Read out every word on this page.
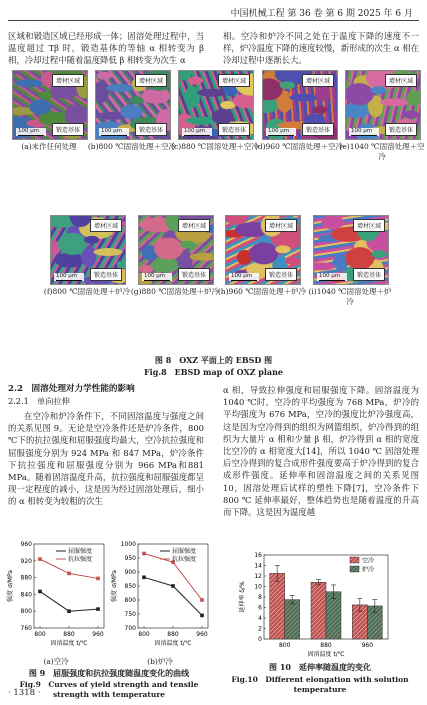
中国机械工程 第 36 卷 第 6 期 2025 年 6 月

区域和锻造区域已经形成一体；固溶处理过程中，当温度超过 Tβ 时，锻造基体的等轴 α 相转变为 β 相，冷却过程中随着温度降低 β 相转变为次生 α

相。空冷和炉冷不同之处在于温度下降的速度不一样，炉冷温度下降的速度较慢，新形成的次生 α 相在冷却过程中逐渐长大。

增材区域
锻造基体
100 μm
(a)未作任何处理
增材区域
锻造基体
100 μm
(b)800 ℃固溶处理＋空冷
增材区域
锻造基体
100 μm
(c)880 ℃固溶处理＋空冷
增材区域
锻造基体
100 μm
(d)960 ℃固溶处理＋空冷
增材区域
锻造基体
100 μm
(e)1040 ℃固溶处理＋空冷
增材区域
锻造基体
100 μm
(f)800 ℃固溶处理＋炉冷
增材区域
锻造基体
100 μm
(g)880 ℃固溶处理＋炉冷
增材区域
锻造基体
100 μm
(h)960 ℃固溶处理＋炉冷
增材区域
锻造基体
100 μm
(i)1040 ℃固溶处理＋炉冷
图 8　OXZ 平面上的 EBSD 图
Fig.8　EBSD map of OXZ plane
2.2　固溶处理对力学性能的影响
2.2.1　单向拉伸

在空冷和炉冷条件下，不同固溶温度与强度之间的关系见图 9。无论是空冷条件还是炉冷条件，800 ℃下的抗拉强度和屈服强度均最大，空冷抗拉强度和屈服强度分别为 924 MPa 和 847 MPa，炉冷条件下抗拉强度和屈服强度分别为 966 MPa和881 MPa。随着固溶温度升高，抗拉强度和屈服强度都呈现一定程度的减小，这是因为经过固溶处理后，细小的 α 相转变为较粗的次生

α 相，导致拉伸强度和屈服强度下降。固溶温度为 1040 ℃时，空冷的平均强度为 768 MPa，炉冷的平均强度为 676 MPa，空冷的强度比炉冷强度高，这是因为空冷得到的组织为网篮组织，炉冷得到的组织为大量片 α 相和少量 β 相，炉冷得到 α 相的宽度比空冷的 α 相宽度大[14]，所以 1040 ℃ 固溶处理后空冷得到的复合成形件强度要高于炉冷得到的复合成形件强度。延伸率和固溶温度之间的关系见图 10，固溶处理后试样的塑性下降[7]，空冷条件下 800 ℃ 延伸率最好，整体趋势也是随着温度的升高而下降。这是因为温度越

760
800
840
880
920
960
800	880	960
固溶温度 t/℃
强度 σ/MPa
屈服强度
抗拉强度
700
750
800
850
900
950
1000
800	880	960
固溶温度 t/℃
强度 σ/MPa
屈服强度
抗拉强度
(a)空冷	(b)炉冷
图 9　屈服强度和抗拉强度随温度变化的曲线
Fig.9　Curves of yield strength and tensile strength with temperature
0
2
4
6
8
10
12
14
16
800	880	960
固溶温度 t/℃
延伸率 δ/%
空冷
炉冷
图 10　延伸率随温度的变化
Fig.10　Different elongation with solution temperature
· 1318 ·
